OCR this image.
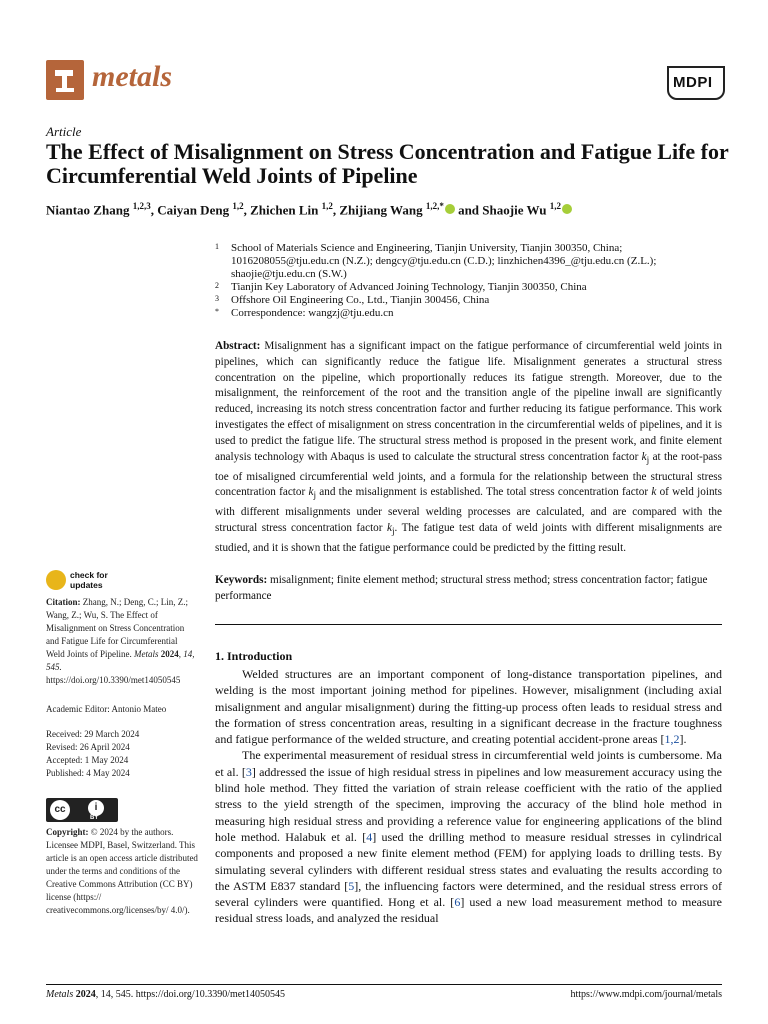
metals	MDPI
Article
The Effect of Misalignment on Stress Concentration and Fatigue Life for Circumferential Weld Joints of Pipeline
Niantao Zhang $^{1,2,3}$, Caiyan Deng $^{1,2}$, Zhichen Lin $^{1,2}$, Zhijiang Wang $^{1,2,*}$ and Shaojie Wu $^{1,2}$
1 School of Materials Science and Engineering, Tianjin University, Tianjin 300350, China; 1016208055@tju.edu.cn (N.Z.); dengcy@tju.edu.cn (C.D.); linzhichen4396_@tju.edu.cn (Z.L.); shaojie@tju.edu.cn (S.W.)
2 Tianjin Key Laboratory of Advanced Joining Technology, Tianjin 300350, China
3 Offshore Oil Engineering Co., Ltd., Tianjin 300456, China
* Correspondence: wangzj@tju.edu.cn
Abstract: Misalignment has a significant impact on the fatigue performance of circumferential weld joints in pipelines, which can significantly reduce the fatigue life. Misalignment generates a structural stress concentration on the pipeline, which proportionally reduces its fatigue strength. Moreover, due to the misalignment, the reinforcement of the root and the transition angle of the pipeline inwall are significantly reduced, increasing its notch stress concentration factor and further reducing its fatigue performance. This work investigates the effect of misalignment on stress concentration in the circumferential welds of pipelines, and it is used to predict the fatigue life. The structural stress method is proposed in the present work, and finite element analysis technology with Abaqus is used to calculate the structural stress concentration factor $k_j$ at the root-pass toe of misaligned circumferential weld joints, and a formula for the relationship between the structural stress concentration factor $k_j$ and the misalignment is established. The total stress concentration factor k of weld joints with different misalignments under several welding processes are calculated, and are compared with the structural stress concentration factor $k_j$. The fatigue test data of weld joints with different misalignments are studied, and it is shown that the fatigue performance could be predicted by the fitting result.
Keywords: misalignment; finite element method; structural stress method; stress concentration factor; fatigue performance
check for
updates
Citation: Zhang, N.; Deng, C.; Lin, Z.; Wang, Z.; Wu, S. The Effect of Misalignment on Stress Concentration and Fatigue Life for Circumferential Weld Joints of Pipeline. Metals 2024, 14, 545. https://doi.org/10.3390/met14050545
Academic Editor: Antonio Mateo
Received: 29 March 2024
Revised: 26 April 2024
Accepted: 1 May 2024
Published: 4 May 2024
cc	i
BY
Copyright: © 2024 by the authors. Licensee MDPI, Basel, Switzerland. This article is an open access article distributed under the terms and conditions of the Creative Commons Attribution (CC BY) license (https:// creativecommons.org/licenses/by/ 4.0/).
1. Introduction

Welded structures are an important component of long-distance transportation pipelines, and welding is the most important joining method for pipelines. However, misalignment (including axial misalignment and angular misalignment) during the fitting-up process often leads to residual stress and the formation of stress concentration areas, resulting in a significant decrease in the fracture toughness and fatigue performance of the welded structure, and creating potential accident-prone areas [1,2].

The experimental measurement of residual stress in circumferential weld joints is cumbersome. Ma et al. [3] addressed the issue of high residual stress in pipelines and low measurement accuracy using the blind hole method. They fitted the variation of strain release coefficient with the ratio of the applied stress to the yield strength of the specimen, improving the accuracy of the blind hole method in measuring high residual stress and providing a reference value for engineering applications of the blind hole method. Halabuk et al. [4] used the drilling method to measure residual stresses in cylindrical components and proposed a new finite element method (FEM) for applying loads to drilling tests. By simulating several cylinders with different residual stress states and evaluating the results according to the ASTM E837 standard [5], the influencing factors were determined, and the residual stress errors of several cylinders were quantified. Hong et al. [6] used a new load measurement method to measure residual stress loads, and analyzed the residual

Metals 2024, 14, 545. https://doi.org/10.3390/met14050545	https://www.mdpi.com/journal/metals
